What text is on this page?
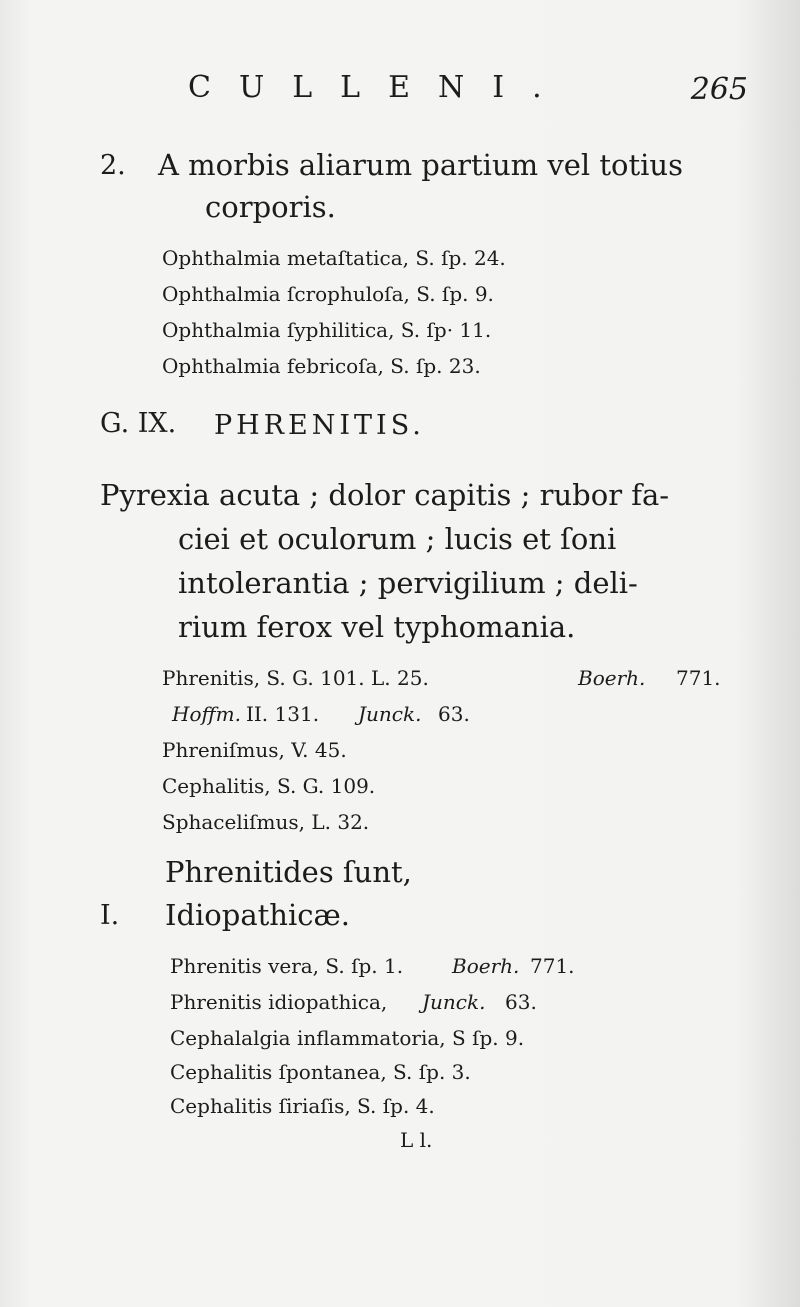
CULLENI.	265
2. A morbis aliarum partium vel totius
corporis.
Ophthalmia metaſtatica, S. ſp. 24.
Ophthalmia ſcrophuloſa, S. ſp. 9.
Ophthalmia ſyphilitica, S. ſp· 11.
Ophthalmia febricoſa, S. ſp. 23.
G. IX. PHRENITIS.
Pyrexia acuta ; dolor capitis ; rubor fa-
ciei et oculorum ; lucis et ſoni
intolerantia ; pervigilium ; deli-
rium ferox vel typhomania.
Phrenitis, S. G. 101. L. 25.	Boerh. 771.
Hoffm. II. 131. Junck. 63.
Phreniſmus, V. 45.
Cephalitis, S. G. 109.
Sphaceliſmus, L. 32.
Phrenitides ſunt,
I. Idiopathicæ.
Phrenitis vera, S. ſp. 1. Boerh. 771.
Phrenitis idiopathica, Junck. 63.
Cephalalgia inflammatoria, S ſp. 9.
Cephalitis ſpontanea, S. ſp. 3.
Cephalitis ſiriaſis, S. ſp. 4.
L l.
